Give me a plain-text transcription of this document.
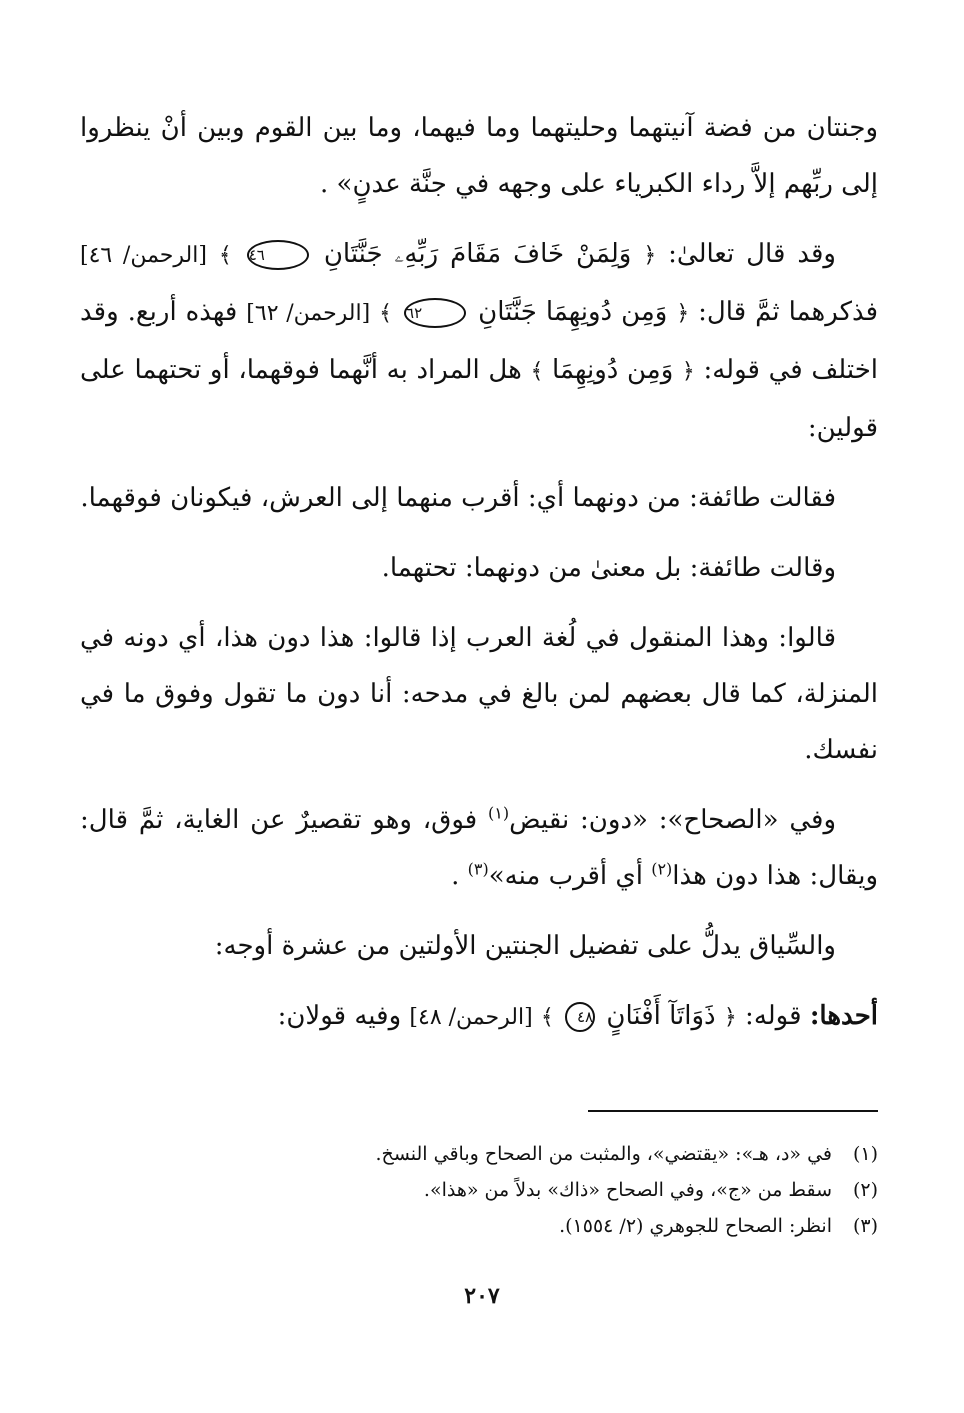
وجنتان من فضة آنيتهما وحليتهما وما فيهما، وما بين القوم وبين أنْ ينظروا إلى ربِّهم إلاَّ رداء الكبرياء على وجهه في جنَّة عدنٍ» .

وقد قال تعالىٰ: ﴿ وَلِمَنْ خَافَ مَقَامَ رَبِّهِۦ جَنَّتَانِ ٤٦ ﴾ [الرحمن/ ٤٦] فذكرهما ثمَّ قال: ﴿ وَمِن دُونِهِمَا جَنَّتَانِ ٦٢ ﴾ [الرحمن/ ٦٢] فهذه أربع. وقد اختلف في قوله: ﴿ وَمِن دُونِهِمَا ﴾ هل المراد به أنَّهما فوقهما، أو تحتهما على قولين:

فقالت طائفة: من دونهما أي: أقرب منهما إلى العرش، فيكونان فوقهما.

وقالت طائفة: بل معنىٰ من دونهما: تحتهما.

قالوا: وهذا المنقول في لُغة العرب إذا قالوا: هذا دون هذا، أي دونه في المنزلة، كما قال بعضهم لمن بالغ في مدحه: أنا دون ما تقول وفوق ما في نفسك.

وفي «الصحاح»: «دون: نقيض$^{(١)}$ فوق، وهو تقصيرٌ عن الغاية، ثمَّ قال: ويقال: هذا دون هذا$^{(٢)}$ أي أقرب منه»$^{(٣)}$ .

والسِّياق يدلُّ على تفضيل الجنتين الأولتين من عشرة أوجه:

أحدها: قوله: ﴿ ذَوَاتَآ أَفْنَانٍ ٤٨ ﴾ [الرحمن/ ٤٨] وفيه قولان:

(١)في «د، هـ»: «يقتضي»، والمثبت من الصحاح وباقي النسخ.
(٢)سقط من «ج»، وفي الصحاح «ذاك» بدلاً من «هذا».
(٣)انظر: الصحاح للجوهري (٢/ ١٥٥٤).
٢٠٧
